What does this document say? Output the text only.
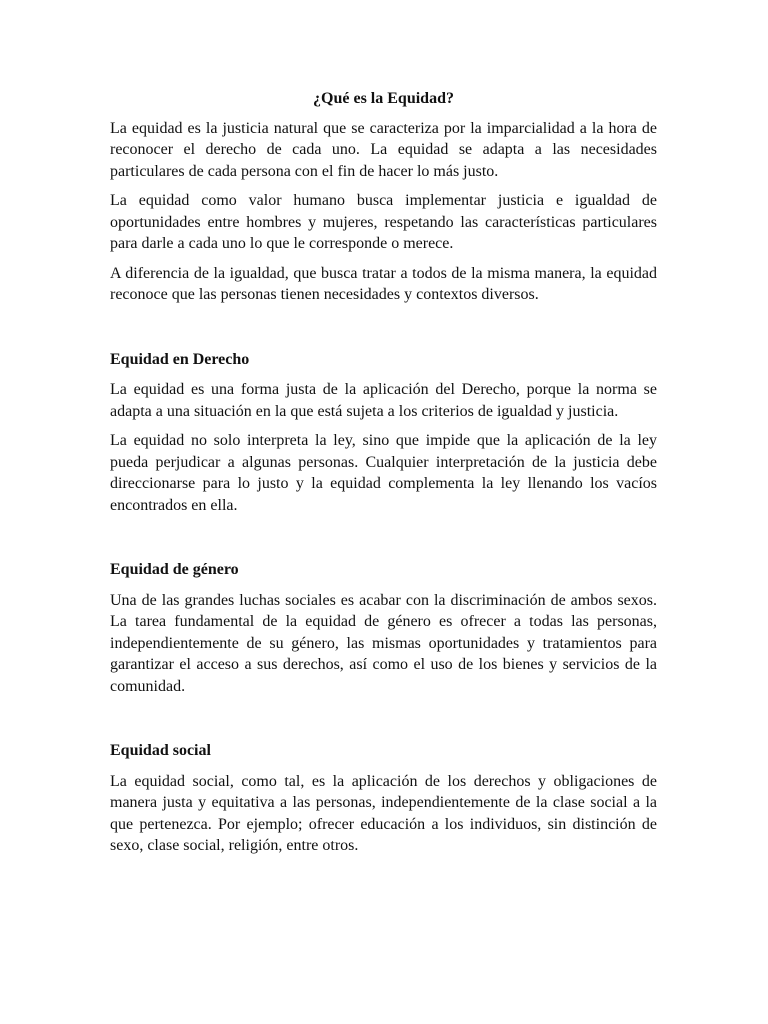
¿Qué es la Equidad?

La equidad es la justicia natural que se caracteriza por la imparcialidad a la hora de reconocer el derecho de cada uno. La equidad se adapta a las necesidades particulares de cada persona con el fin de hacer lo más justo.

La equidad como valor humano busca implementar justicia e igualdad de oportunidades entre hombres y mujeres, respetando las características particulares para darle a cada uno lo que le corresponde o merece.

A diferencia de la igualdad, que busca tratar a todos de la misma manera, la equidad reconoce que las personas tienen necesidades y contextos diversos.

Equidad en Derecho

La equidad es una forma justa de la aplicación del Derecho, porque la norma se adapta a una situación en la que está sujeta a los criterios de igualdad y justicia.

La equidad no solo interpreta la ley, sino que impide que la aplicación de la ley pueda perjudicar a algunas personas. Cualquier interpretación de la justicia debe direccionarse para lo justo y la equidad complementa la ley llenando los vacíos encontrados en ella.

Equidad de género

Una de las grandes luchas sociales es acabar con la discriminación de ambos sexos. La tarea fundamental de la equidad de género es ofrecer a todas las personas, independientemente de su género, las mismas oportunidades y tratamientos para garantizar el acceso a sus derechos, así como el uso de los bienes y servicios de la comunidad.

Equidad social

La equidad social, como tal, es la aplicación de los derechos y obligaciones de manera justa y equitativa a las personas, independientemente de la clase social a la que pertenezca. Por ejemplo; ofrecer educación a los individuos, sin distinción de sexo, clase social, religión, entre otros.
